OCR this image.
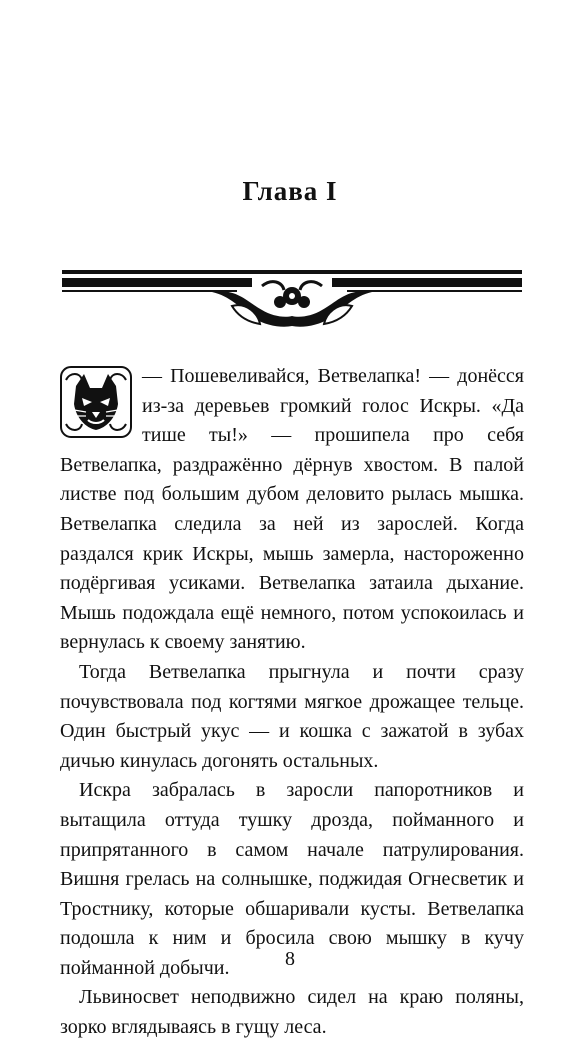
Глава I

— Пошевеливайся, Ветвелапка! — донёсся из-за деревьев громкий голос Искры. «Да тише ты!» — прошипела про себя Ветвелапка, раздражённо дёрнув хвостом. В палой листве под большим дубом деловито рылась мышка. Ветвелапка следила за ней из зарослей. Когда раздался крик Искры, мышь замерла, настороженно подёргивая усиками. Ветвелапка затаила дыхание. Мышь подождала ещё немного, потом успокоилась и вернулась к своему занятию.

Тогда Ветвелапка прыгнула и почти сразу почувствовала под когтями мягкое дрожащее тельце. Один быстрый укус — и кошка с зажатой в зубах дичью кинулась догонять остальных.

Искра забралась в заросли папоротников и вытащила оттуда тушку дрозда, пойманного и припрятанного в самом начале патрулирования. Вишня грелась на солнышке, поджидая Огнесветик и Тростнику, которые обшаривали кусты. Ветвелапка подошла к ним и бросила свою мышку в кучу пойманной добычи.

Львиносвет неподвижно сидел на краю поляны, зорко вглядываясь в гущу леса.

8
